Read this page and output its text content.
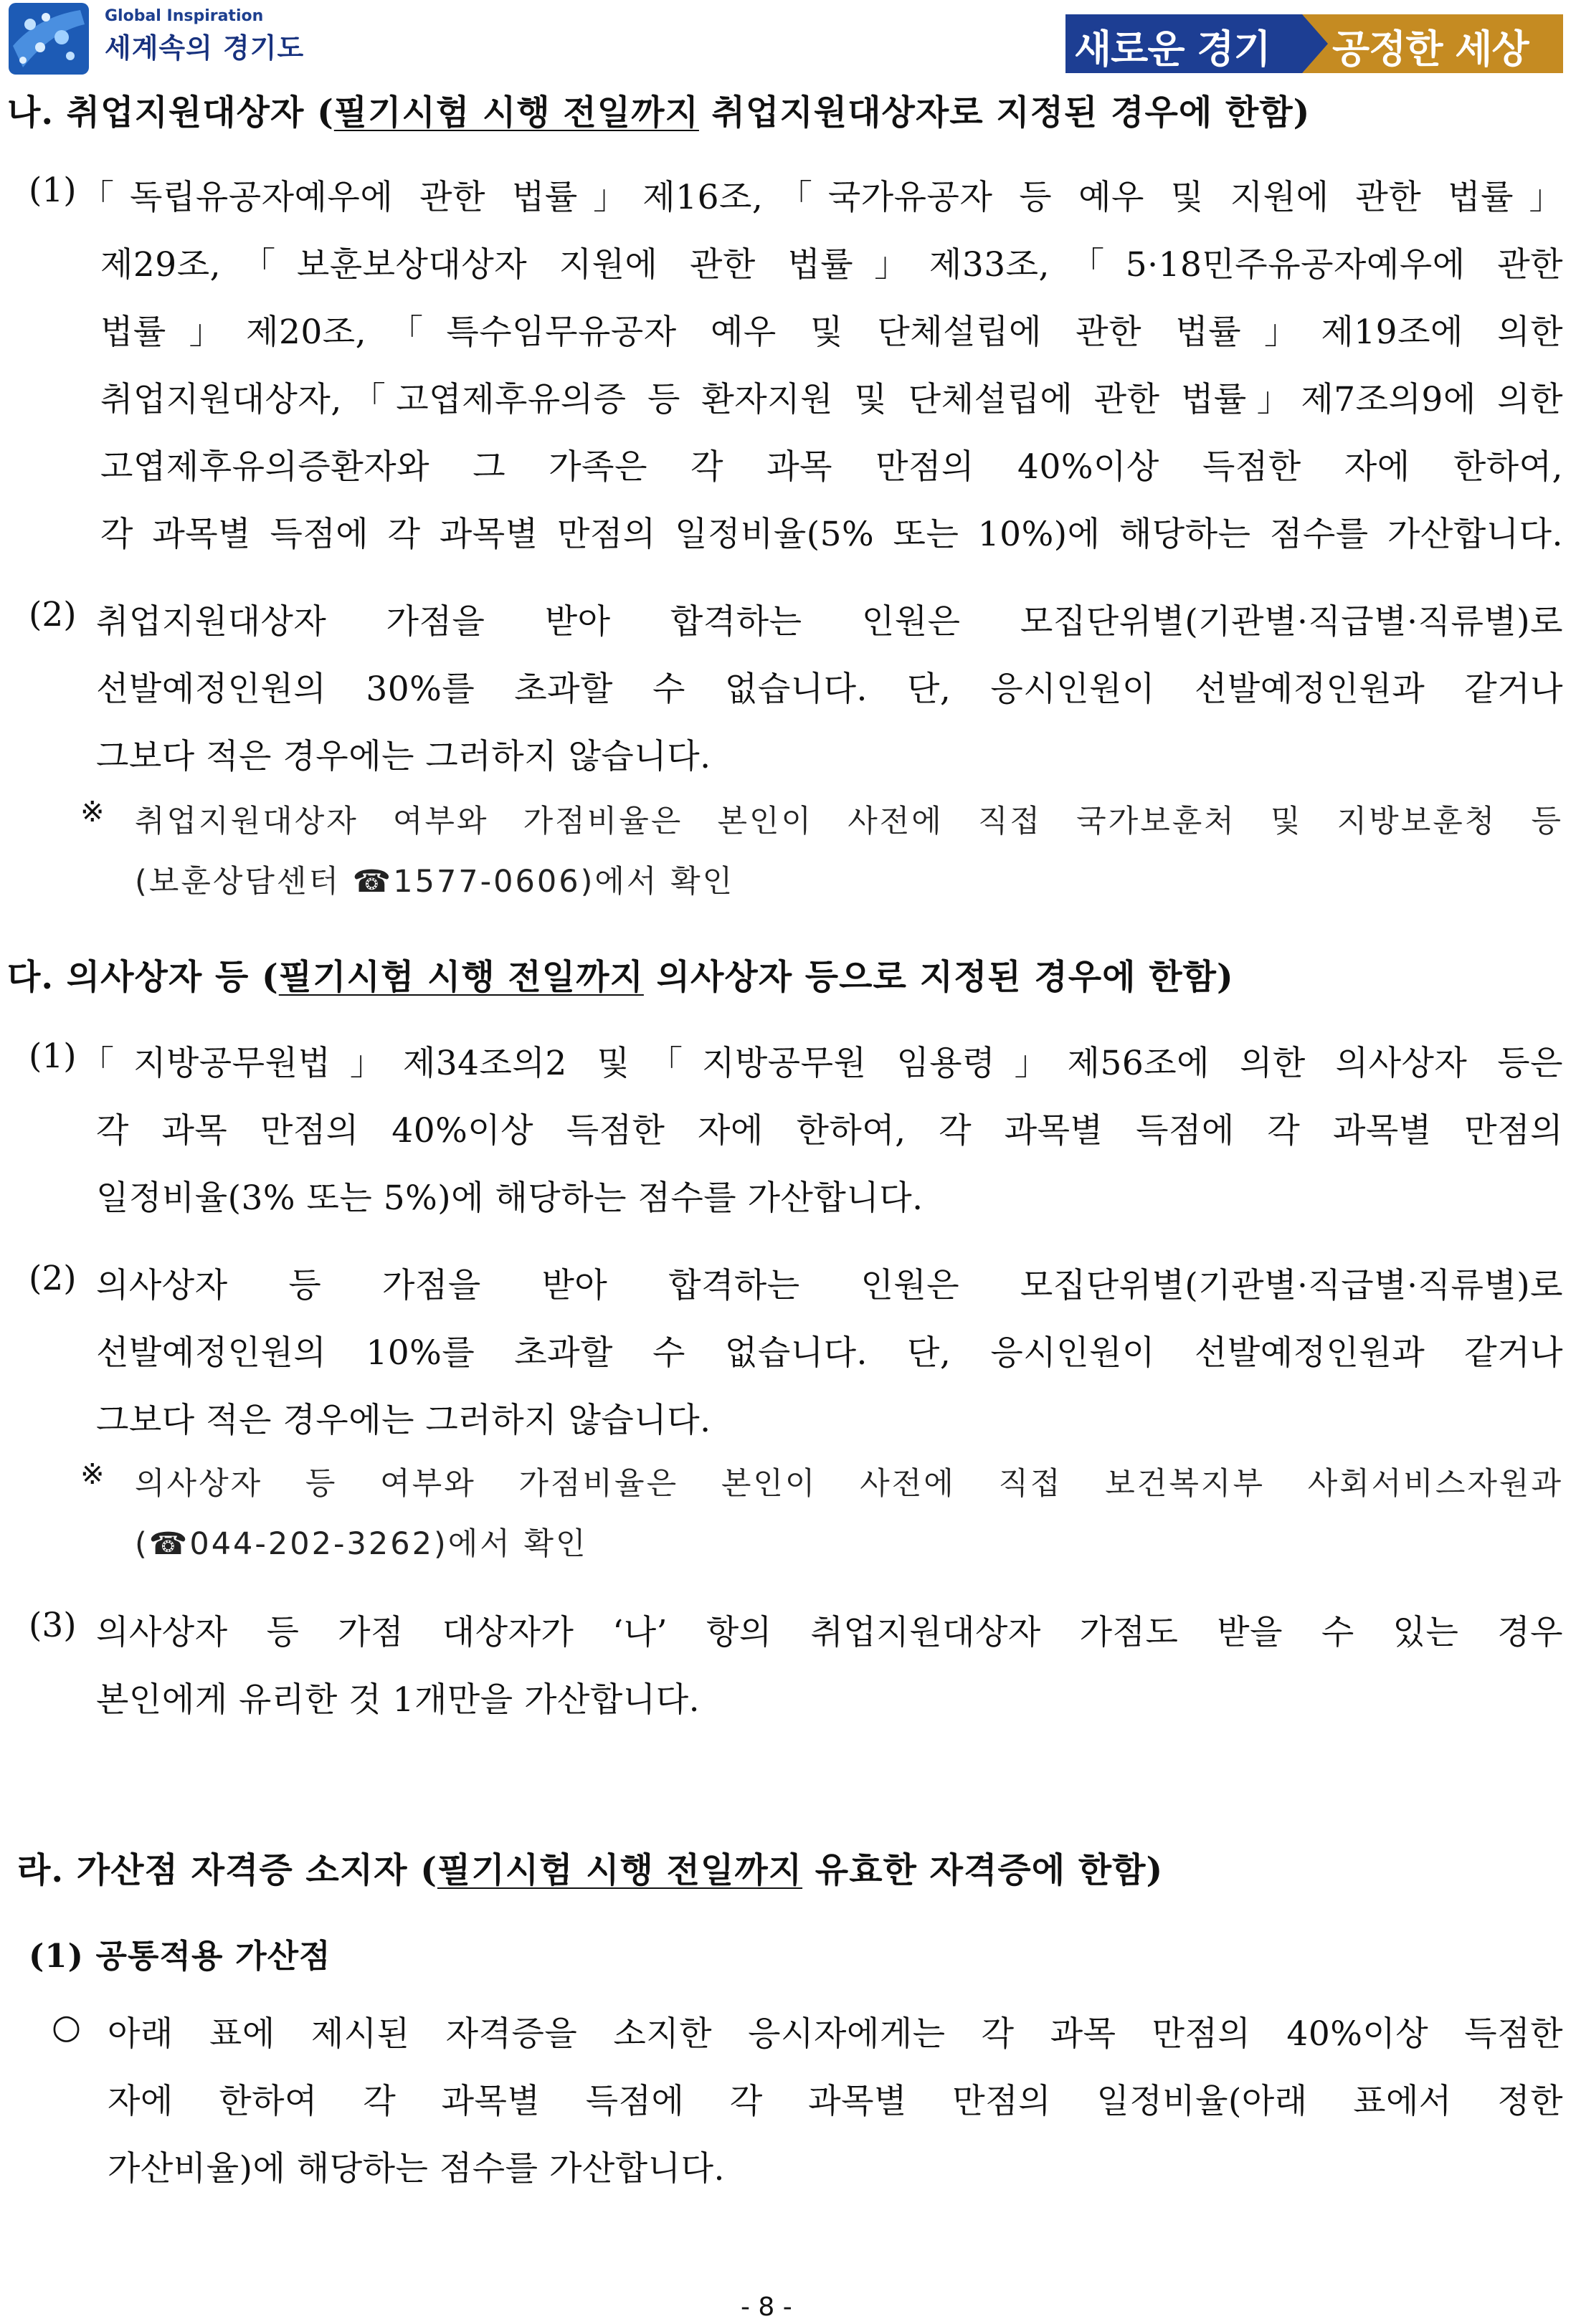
Global Inspiration
세계속의 경기도	새로운 경기 공정한 세상
나. 취업지원대상자 (필기시험 시행 전일까지 취업지원대상자로 지정된 경우에 한함)
(1) 「독립유공자예우에 관한 법률」제16조,「국가유공자 등 예우 및 지원에 관한 법률」
제29조,「보훈보상대상자 지원에 관한 법률」제33조,「5·18민주유공자예우에 관한
법률」제20조,「특수임무유공자 예우 및 단체설립에 관한 법률」제19조에 의한
취업지원대상자,「고엽제후유의증 등 환자지원 및 단체설립에 관한 법률」제7조의9에 의한
고엽제후유의증환자와 그 가족은 각 과목 만점의 40%이상 득점한 자에 한하여,
각 과목별 득점에 각 과목별 만점의 일정비율(5% 또는 10%)에 해당하는 점수를 가산합니다.
(2) 취업지원대상자 가점을 받아 합격하는 인원은 모집단위별(기관별·직급별·직류별)로
선발예정인원의 30%를 초과할 수 없습니다. 단, 응시인원이 선발예정인원과 같거나
그보다 적은 경우에는 그러하지 않습니다.
※ 취업지원대상자 여부와 가점비율은 본인이 사전에 직접 국가보훈처 및 지방보훈청 등
(보훈상담센터 ☎1577-0606)에서 확인
다. 의사상자 등 (필기시험 시행 전일까지 의사상자 등으로 지정된 경우에 한함)
(1) 「지방공무원법」제34조의2 및「지방공무원 임용령」제56조에 의한 의사상자 등은
각 과목 만점의 40%이상 득점한 자에 한하여, 각 과목별 득점에 각 과목별 만점의
일정비율(3% 또는 5%)에 해당하는 점수를 가산합니다.
(2) 의사상자 등 가점을 받아 합격하는 인원은 모집단위별(기관별·직급별·직류별)로
선발예정인원의 10%를 초과할 수 없습니다. 단, 응시인원이 선발예정인원과 같거나
그보다 적은 경우에는 그러하지 않습니다.
※ 의사상자 등 여부와 가점비율은 본인이 사전에 직접 보건복지부 사회서비스자원과
(☎044-202-3262)에서 확인
(3) 의사상자 등 가점 대상자가 ‘나’ 항의 취업지원대상자 가점도 받을 수 있는 경우
본인에게 유리한 것 1개만을 가산합니다.
라. 가산점 자격증 소지자 (필기시험 시행 전일까지 유효한 자격증에 한함)
(1) 공통적용 가산점
○ 아래 표에 제시된 자격증을 소지한 응시자에게는 각 과목 만점의 40%이상 득점한
자에 한하여 각 과목별 득점에 각 과목별 만점의 일정비율(아래 표에서 정한
가산비율)에 해당하는 점수를 가산합니다.
- 8 -
